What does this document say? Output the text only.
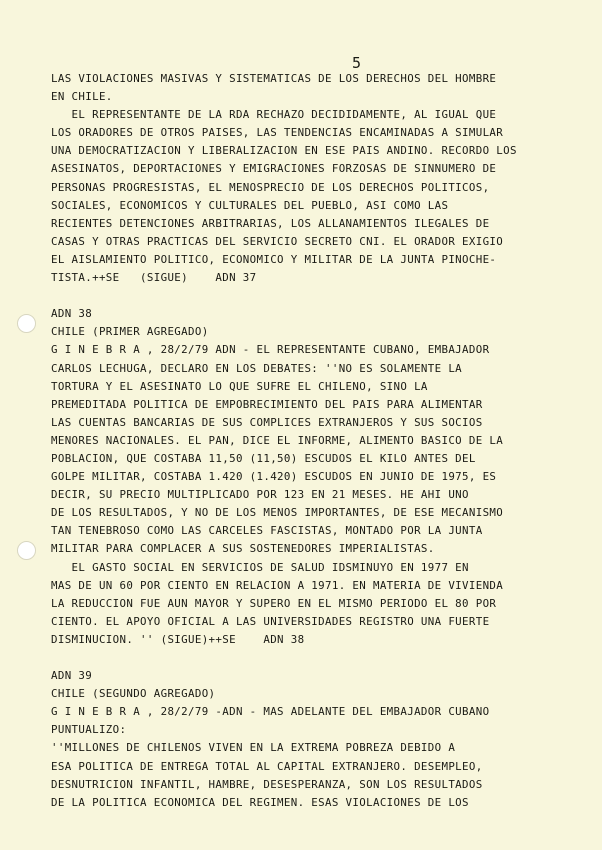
5
LAS VIOLACIONES MASIVAS Y SISTEMATICAS DE LOS DERECHOS DEL HOMBRE
EN CHILE.
EL REPRESENTANTE DE LA RDA RECHAZO DECIDIDAMENTE, AL IGUAL QUE
LOS ORADORES DE OTROS PAISES, LAS TENDENCIAS ENCAMINADAS A SIMULAR
UNA DEMOCRATIZACION Y LIBERALIZACION EN ESE PAIS ANDINO. RECORDO LOS
ASESINATOS, DEPORTACIONES Y EMIGRACIONES FORZOSAS DE SINNUMERO DE
PERSONAS PROGRESISTAS, EL MENOSPRECIO DE LOS DERECHOS POLITICOS,
SOCIALES, ECONOMICOS Y CULTURALES DEL PUEBLO, ASI COMO LAS
RECIENTES DETENCIONES ARBITRARIAS, LOS ALLANAMIENTOS ILEGALES DE
CASAS Y OTRAS PRACTICAS DEL SERVICIO SECRETO CNI. EL ORADOR EXIGIO
EL AISLAMIENTO POLITICO, ECONOMICO Y MILITAR DE LA JUNTA PINOCHE-
TISTA.++SE   (SIGUE)    ADN 37
ADN 38
CHILE (PRIMER AGREGADO)
G I N E B R A , 28/2/79 ADN - EL REPRESENTANTE CUBANO, EMBAJADOR
CARLOS LECHUGA, DECLARO EN LOS DEBATES: ''NO ES SOLAMENTE LA
TORTURA Y EL ASESINATO LO QUE SUFRE EL CHILENO, SINO LA
PREMEDITADA POLITICA DE EMPOBRECIMIENTO DEL PAIS PARA ALIMENTAR
LAS CUENTAS BANCARIAS DE SUS COMPLICES EXTRANJEROS Y SUS SOCIOS
MENORES NACIONALES. EL PAN, DICE EL INFORME, ALIMENTO BASICO DE LA
POBLACION, QUE COSTABA 11,50 (11,50) ESCUDOS EL KILO ANTES DEL
GOLPE MILITAR, COSTABA 1.420 (1.420) ESCUDOS EN JUNIO DE 1975, ES
DECIR, SU PRECIO MULTIPLICADO POR 123 EN 21 MESES. HE AHI UNO
DE LOS RESULTADOS, Y NO DE LOS MENOS IMPORTANTES, DE ESE MECANISMO
TAN TENEBROSO COMO LAS CARCELES FASCISTAS, MONTADO POR LA JUNTA
MILITAR PARA COMPLACER A SUS SOSTENEDORES IMPERIALISTAS.
EL GASTO SOCIAL EN SERVICIOS DE SALUD IDSMINUYO EN 1977 EN
MAS DE UN 60 POR CIENTO EN RELACION A 1971. EN MATERIA DE VIVIENDA
LA REDUCCION FUE AUN MAYOR Y SUPERO EN EL MISMO PERIODO EL 80 POR
CIENTO. EL APOYO OFICIAL A LAS UNIVERSIDADES REGISTRO UNA FUERTE
DISMINUCION. '' (SIGUE)++SE    ADN 38
ADN 39
CHILE (SEGUNDO AGREGADO)
G I N E B R A , 28/2/79 -ADN - MAS ADELANTE DEL EMBAJADOR CUBANO
PUNTUALIZO:
''MILLONES DE CHILENOS VIVEN EN LA EXTREMA POBREZA DEBIDO A
ESA POLITICA DE ENTREGA TOTAL AL CAPITAL EXTRANJERO. DESEMPLEO,
DESNUTRICION INFANTIL, HAMBRE, DESESPERANZA, SON LOS RESULTADOS
DE LA POLITICA ECONOMICA DEL REGIMEN. ESAS VIOLACIONES DE LOS
